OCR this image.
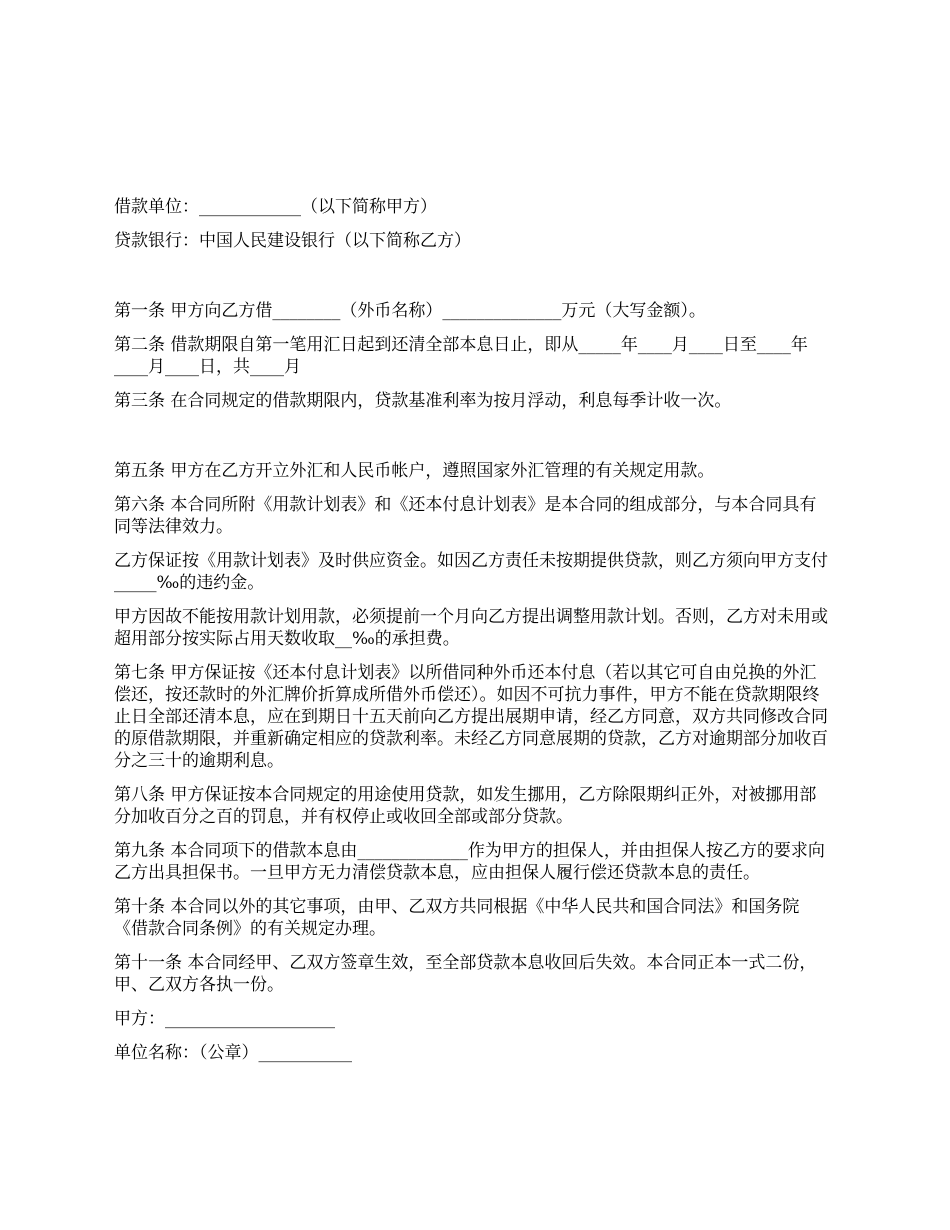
借款单位：____________（以下简称甲方）

贷款银行：中国人民建设银行（以下简称乙方）

第一条 甲方向乙方借________（外币名称）______________万元（大写金额）。

第二条 借款期限自第一笔用汇日起到还清全部本息日止，即从_____年____月____日至____年____月____日，共____月

第三条 在合同规定的借款期限内，贷款基准利率为按月浮动，利息每季计收一次。

第五条 甲方在乙方开立外汇和人民币帐户，遵照国家外汇管理的有关规定用款。

第六条 本合同所附《用款计划表》和《还本付息计划表》是本合同的组成部分，与本合同具有同等法律效力。

乙方保证按《用款计划表》及时供应资金。如因乙方责任未按期提供贷款，则乙方须向甲方支付_____‰的违约金。

甲方因故不能按用款计划用款，必须提前一个月向乙方提出调整用款计划。否则，乙方对未用或超用部分按实际占用天数收取__‰的承担费。

第七条 甲方保证按《还本付息计划表》以所借同种外币还本付息（若以其它可自由兑换的外汇偿还，按还款时的外汇牌价折算成所借外币偿还）。如因不可抗力事件，甲方不能在贷款期限终止日全部还清本息，应在到期日十五天前向乙方提出展期申请，经乙方同意，双方共同修改合同的原借款期限，并重新确定相应的贷款利率。未经乙方同意展期的贷款，乙方对逾期部分加收百分之三十的逾期利息。

第八条 甲方保证按本合同规定的用途使用贷款，如发生挪用，乙方除限期纠正外，对被挪用部分加收百分之百的罚息，并有权停止或收回全部或部分贷款。

第九条 本合同项下的借款本息由_____________作为甲方的担保人，并由担保人按乙方的要求向乙方出具担保书。一旦甲方无力清偿贷款本息，应由担保人履行偿还贷款本息的责任。

第十条 本合同以外的其它事项，由甲、乙双方共同根据《中华人民共和国合同法》和国务院《借款合同条例》的有关规定办理。

第十一条 本合同经甲、乙双方签章生效，至全部贷款本息收回后失效。本合同正本一式二份，甲、乙双方各执一份。

甲方：____________________

单位名称：（公章）___________
